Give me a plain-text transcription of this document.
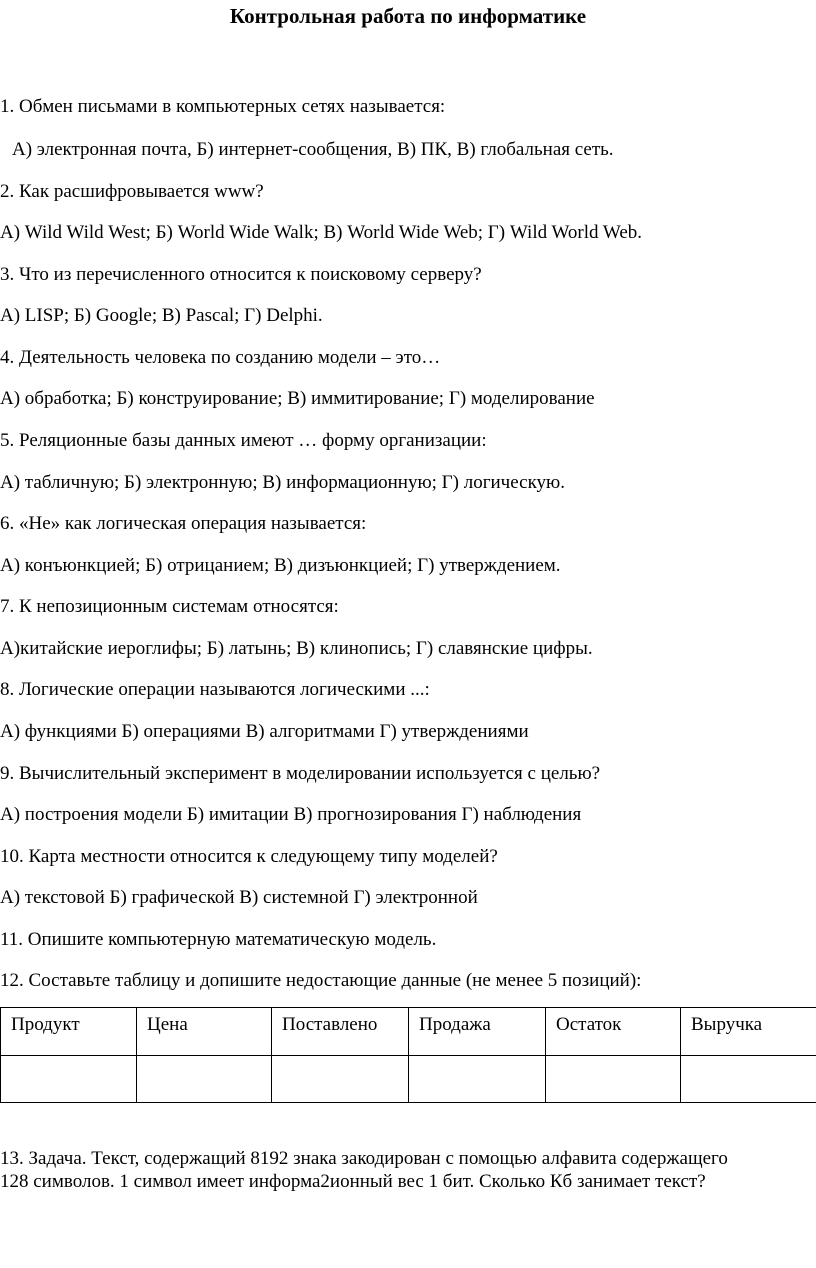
Контрольная работа по информатике
1. Обмен письмами в компьютерных сетях называется:
А) электронная почта, Б) интернет-сообщения, В) ПК, В) глобальная сеть.
2. Как расшифровывается www?
А) Wild Wild West; Б) World Wide Walk; В) World Wide Web; Г) Wild World Web.
3. Что из перечисленного относится к поисковому серверу?
А) LISP; Б) Google; В) Pascal; Г) Delphi.
4. Деятельность человека по созданию модели – это…
А) обработка; Б) конструирование; В) иммитирование; Г) моделирование
5. Реляционные базы данных имеют … форму организации:
А) табличную; Б) электронную; В) информационную; Г) логическую.
6. «Не» как логическая операция называется:
А) конъюнкцией; Б) отрицанием; В) дизъюнкцией; Г) утверждением.
7. К непозиционным системам относятся:
А)китайские иероглифы; Б) латынь; В) клинопись; Г) славянские цифры.
8. Логические операции называются логическими ...:
А) функциями Б) операциями В) алгоритмами Г) утверждениями
9. Вычислительный эксперимент в моделировании используется с целью?
А) построения модели Б) имитации В) прогнозирования Г) наблюдения
10. Карта местности относится к следующему типу моделей?
А) текстовой Б) графической В) системной Г) электронной
11. Опишите компьютерную математическую модель.
12. Составьте таблицу и допишите недостающие данные (не менее 5 позиций):
Продукт	Цена	Поставлено	Продажа	Остаток	Выручка

13. Задача. Текст, содержащий 8192 знака закодирован с помощью алфавита содержащего
128 символов. 1 символ имеет информа2ионный вес 1 бит. Сколько Кб занимает текст?
